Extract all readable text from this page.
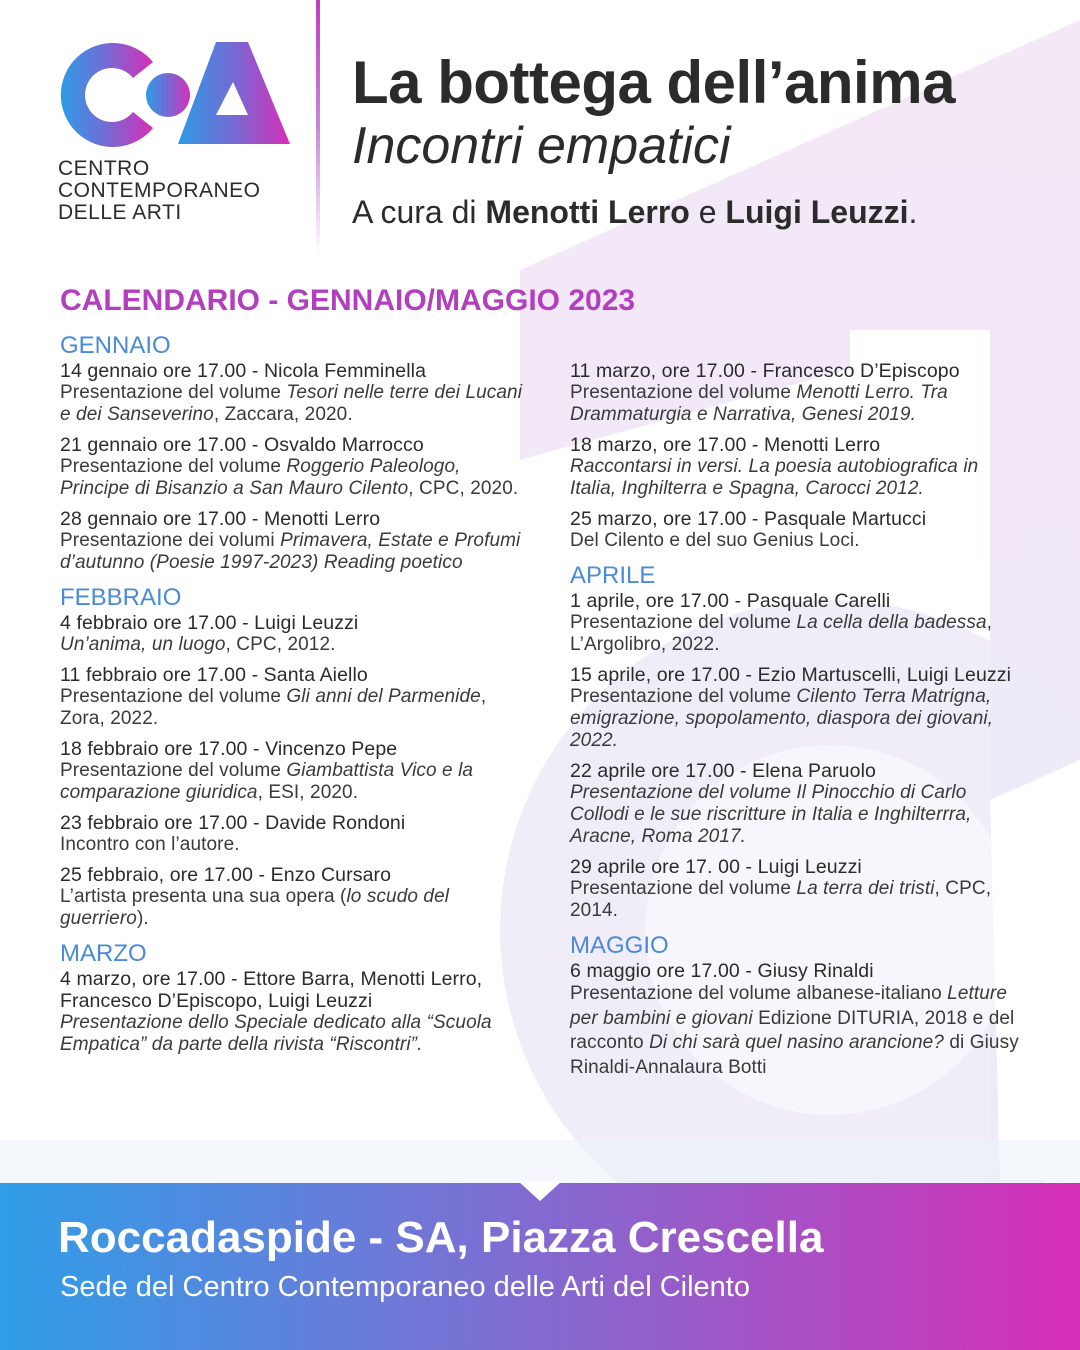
CENTRO
CONTEMPORANEO
DELLE ARTI
La bottega dell’anima
Incontri empatici
A cura di Menotti Lerro e Luigi Leuzzi.
CALENDARIO - GENNAIO/MAGGIO 2023
GENNAIO
14 gennaio ore 17.00 - Nicola Femminella
Presentazione del volume Tesori nelle terre dei Lucani e dei Sanseverino, Zaccara, 2020.
21 gennaio ore 17.00 - Osvaldo Marrocco
Presentazione del volume Roggerio Paleologo, Principe di Bisanzio a San Mauro Cilento, CPC, 2020.
28 gennaio ore 17.00 - Menotti Lerro
Presentazione dei volumi Primavera, Estate e Profumi d’autunno (Poesie 1997-2023) Reading poetico
FEBBRAIO
4 febbraio ore 17.00 - Luigi Leuzzi
Un’anima, un luogo, CPC, 2012.
11 febbraio ore 17.00 - Santa Aiello
Presentazione del volume Gli anni del Parmenide, Zora, 2022.
18 febbraio ore 17.00 - Vincenzo Pepe
Presentazione del volume Giambattista Vico e la comparazione giuridica, ESI, 2020.
23 febbraio ore 17.00 - Davide Rondoni
Incontro con l’autore.
25 febbraio, ore 17.00 - Enzo Cursaro
L’artista presenta una sua opera (lo scudo del guerriero).
MARZO
4 marzo, ore 17.00 - Ettore Barra, Menotti Lerro, Francesco D’Episcopo, Luigi Leuzzi
Presentazione dello Speciale dedicato alla “Scuola Empatica” da parte della rivista “Riscontri”.
11 marzo, ore 17.00 - Francesco D’Episcopo
Presentazione del volume Menotti Lerro. Tra Drammaturgia e Narrativa, Genesi 2019.
18 marzo, ore 17.00 - Menotti Lerro
Raccontarsi in versi. La poesia autobiografica in Italia, Inghilterra e Spagna, Carocci 2012.
25 marzo, ore 17.00 - Pasquale Martucci
Del Cilento e del suo Genius Loci.
APRILE
1 aprile, ore 17.00 - Pasquale Carelli
Presentazione del volume La cella della badessa, L’Argolibro, 2022.
15 aprile, ore 17.00 - Ezio Martuscelli, Luigi Leuzzi
Presentazione del volume Cilento Terra Matrigna, emigrazione, spopolamento, diaspora dei giovani, 2022.
22 aprile ore 17.00 - Elena Paruolo
Presentazione del volume Il Pinocchio di Carlo Collodi e le sue riscritture in Italia e Inghilterrra, Aracne, Roma 2017.
29 aprile ore 17. 00 - Luigi Leuzzi
Presentazione del volume La terra dei tristi, CPC, 2014.
MAGGIO
6 maggio ore 17.00 - Giusy Rinaldi
Presentazione del volume albanese-italiano Letture per bambini e giovani Edizione DITURIA, 2018 e del racconto Di chi sarà quel nasino arancione? di Giusy Rinaldi-Annalaura Botti
Roccadaspide - SA, Piazza Crescella
Sede del Centro Contemporaneo delle Arti del Cilento
